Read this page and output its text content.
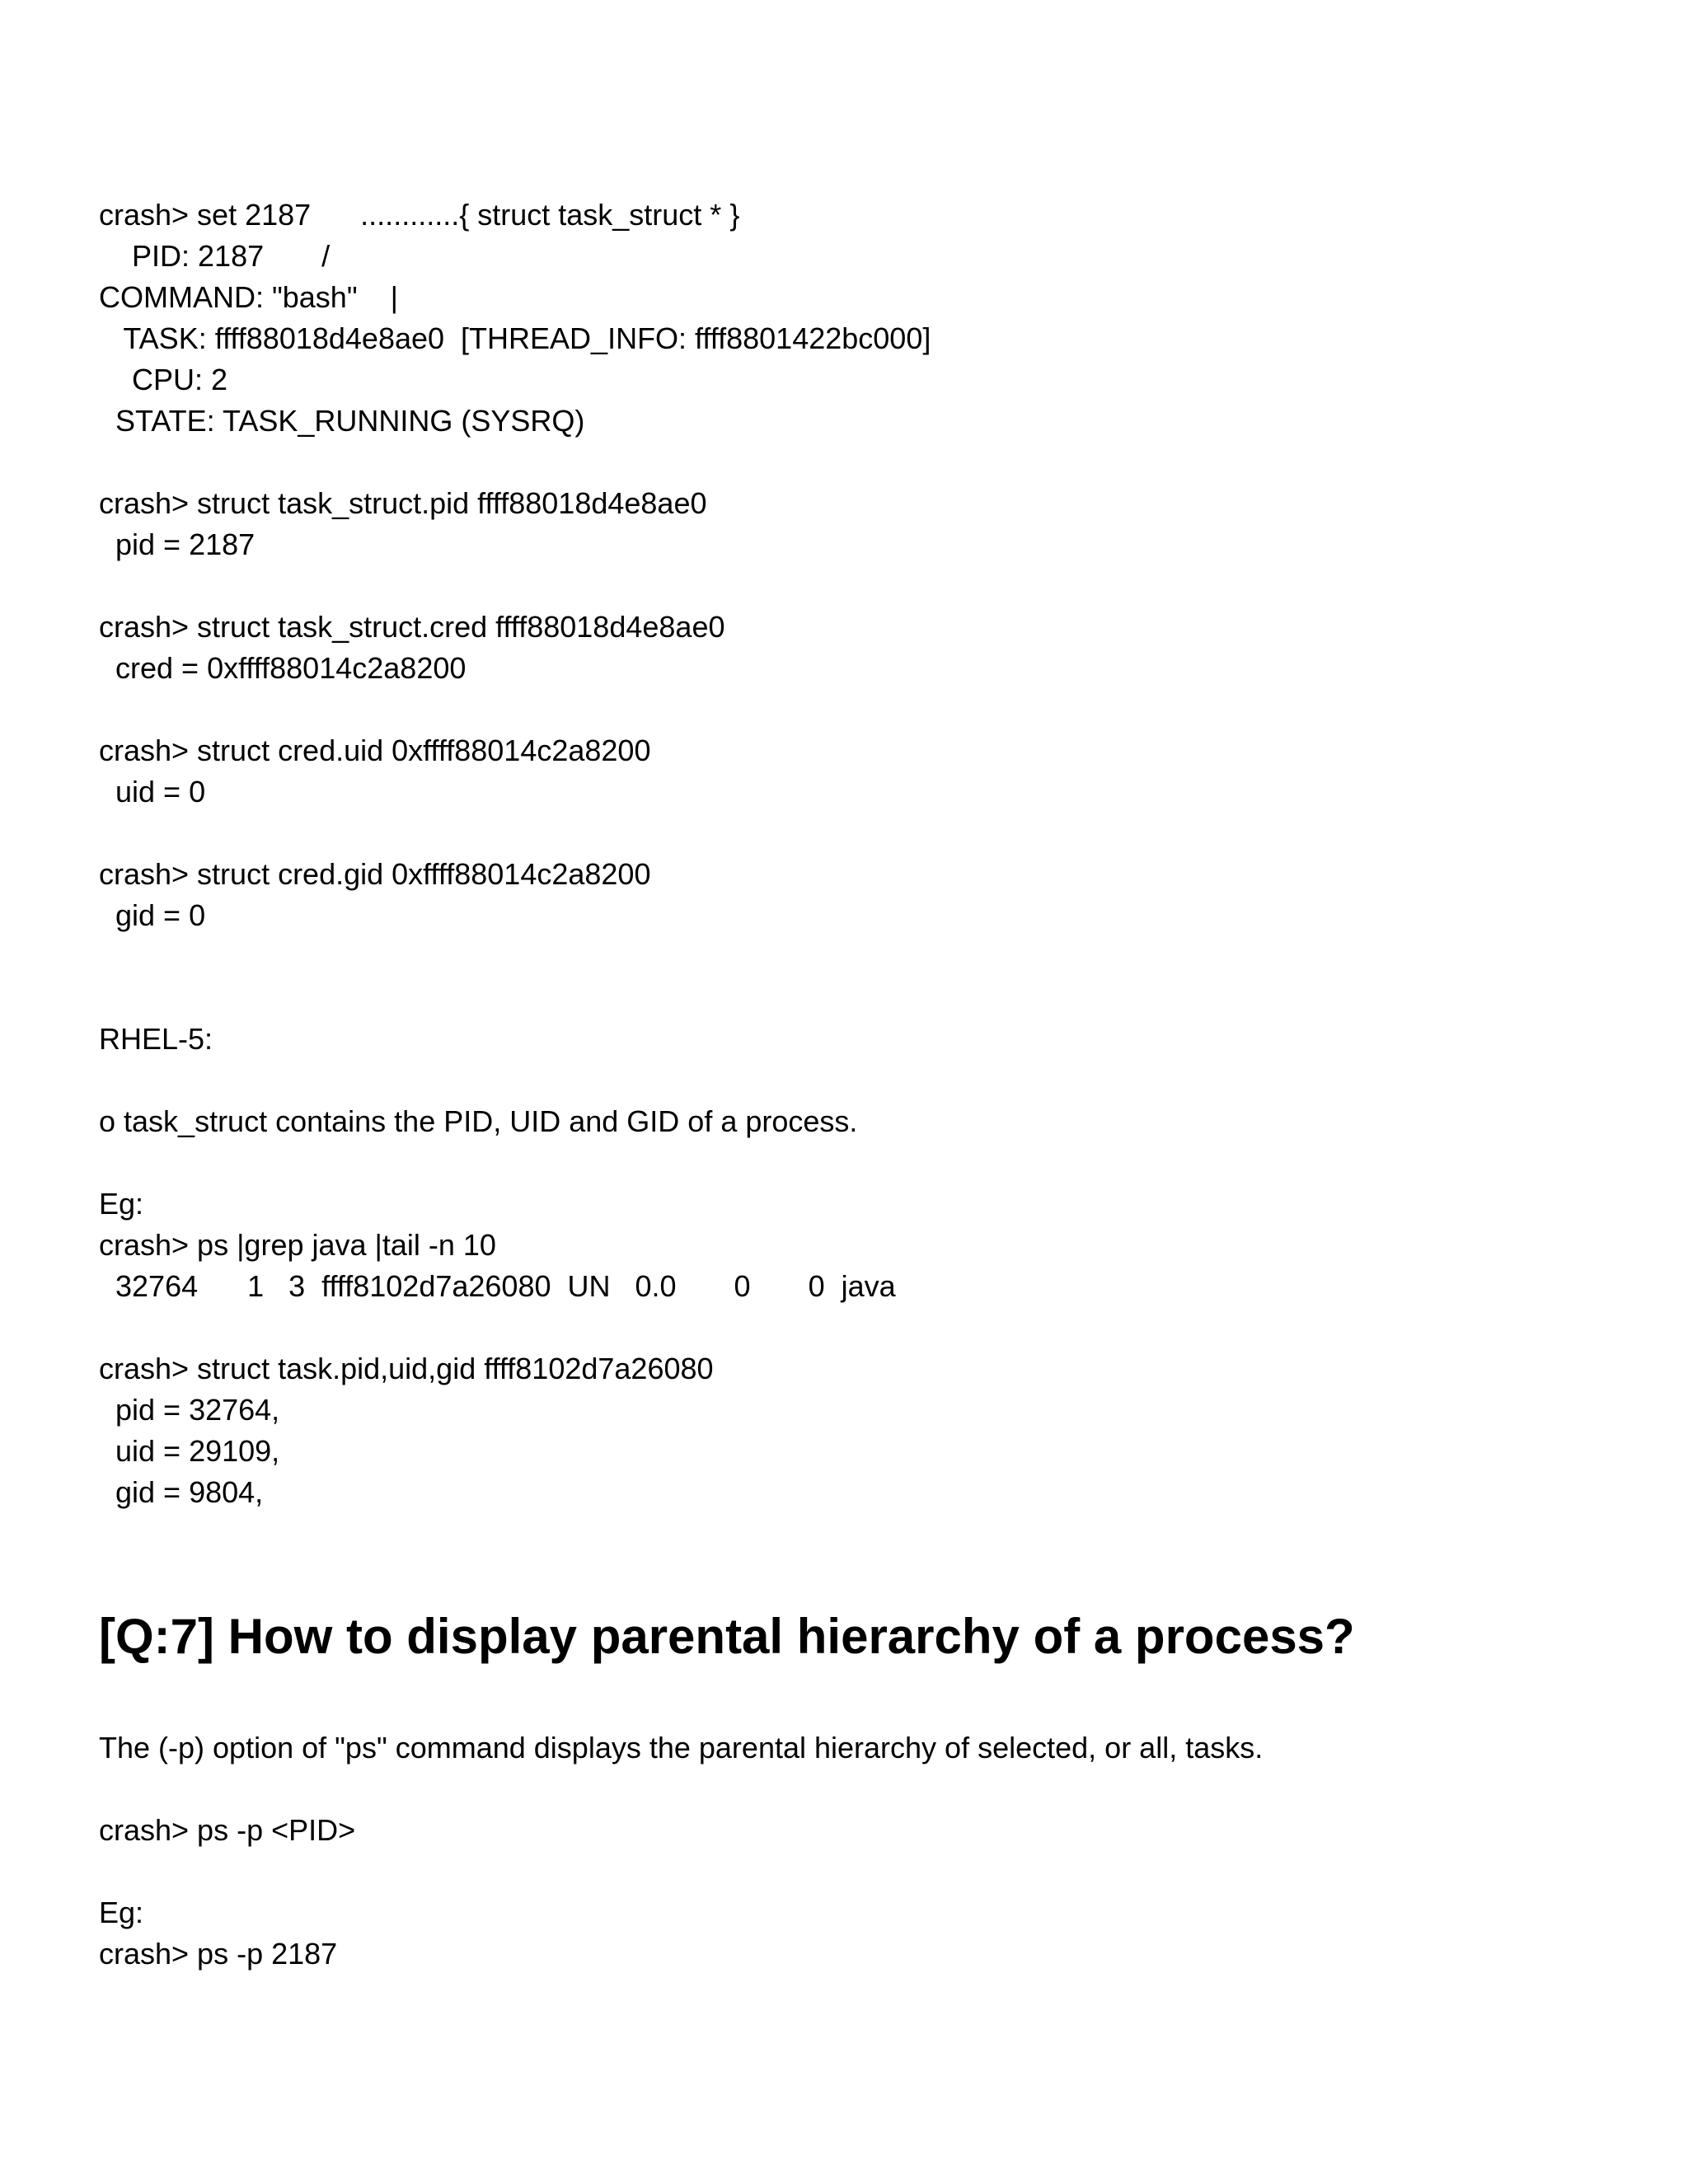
crash> set 2187      ............{ struct task_struct * }
PID: 2187       /
COMMAND: "bash"    |
TASK: ffff88018d4e8ae0  [THREAD_INFO: ffff8801422bc000]
CPU: 2
STATE: TASK_RUNNING (SYSRQ)
crash> struct task_struct.pid ffff88018d4e8ae0
pid = 2187
crash> struct task_struct.cred ffff88018d4e8ae0
cred = 0xffff88014c2a8200
crash> struct cred.uid 0xffff88014c2a8200
uid = 0
crash> struct cred.gid 0xffff88014c2a8200
gid = 0
RHEL-5:
o task_struct contains the PID, UID and GID of a process.
Eg:
crash> ps |grep java |tail -n 10
32764      1   3  ffff8102d7a26080  UN   0.0       0       0  java
crash> struct task.pid,uid,gid ffff8102d7a26080
pid = 32764,
uid = 29109,
gid = 9804,
[Q:7] How to display parental hierarchy of a process?
The (-p) option of "ps" command displays the parental hierarchy of selected, or all, tasks.
crash> ps -p <PID>
Eg:
crash> ps -p 2187
